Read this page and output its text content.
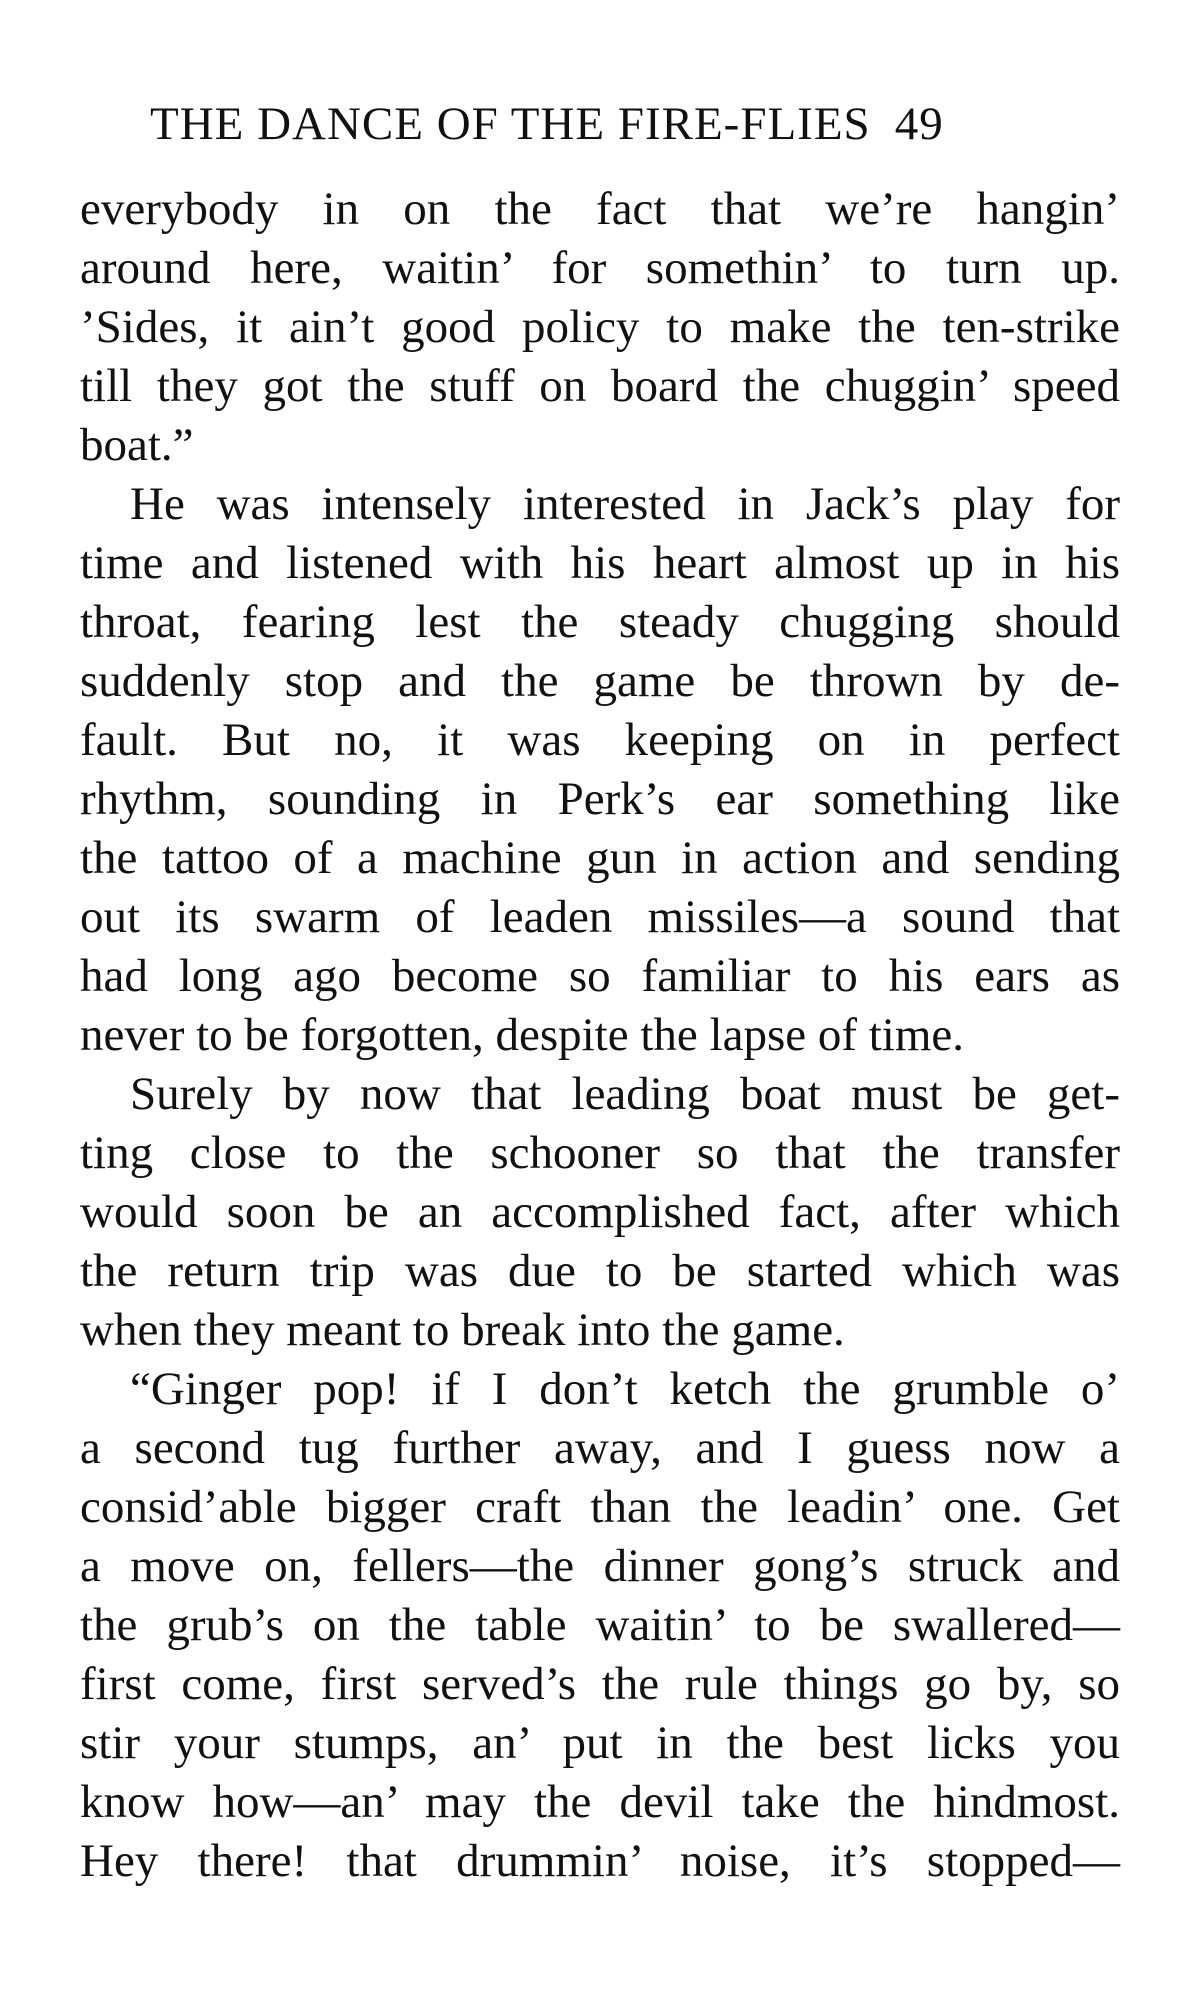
THE DANCE OF THE FIRE-FLIES 49
everybody in on the fact that we’re hangin’
around here, waitin’ for somethin’ to turn up.
’Sides, it ain’t good policy to make the ten-strike
till they got the stuff on board the chuggin’ speed
boat.”
He was intensely interested in Jack’s play for
time and listened with his heart almost up in his
throat, fearing lest the steady chugging should
suddenly stop and the game be thrown by de-
fault. But no, it was keeping on in perfect
rhythm, sounding in Perk’s ear something like
the tattoo of a machine gun in action and sending
out its swarm of leaden missiles—a sound that
had long ago become so familiar to his ears as
never to be forgotten, despite the lapse of time.
Surely by now that leading boat must be get-
ting close to the schooner so that the transfer
would soon be an accomplished fact, after which
the return trip was due to be started which was
when they meant to break into the game.
“Ginger pop! if I don’t ketch the grumble o’
a second tug further away, and I guess now a
consid’able bigger craft than the leadin’ one. Get
a move on, fellers—the dinner gong’s struck and
the grub’s on the table waitin’ to be swallered—
first come, first served’s the rule things go by, so
stir your stumps, an’ put in the best licks you
know how—an’ may the devil take the hindmost.
Hey there! that drummin’ noise, it’s stopped—
